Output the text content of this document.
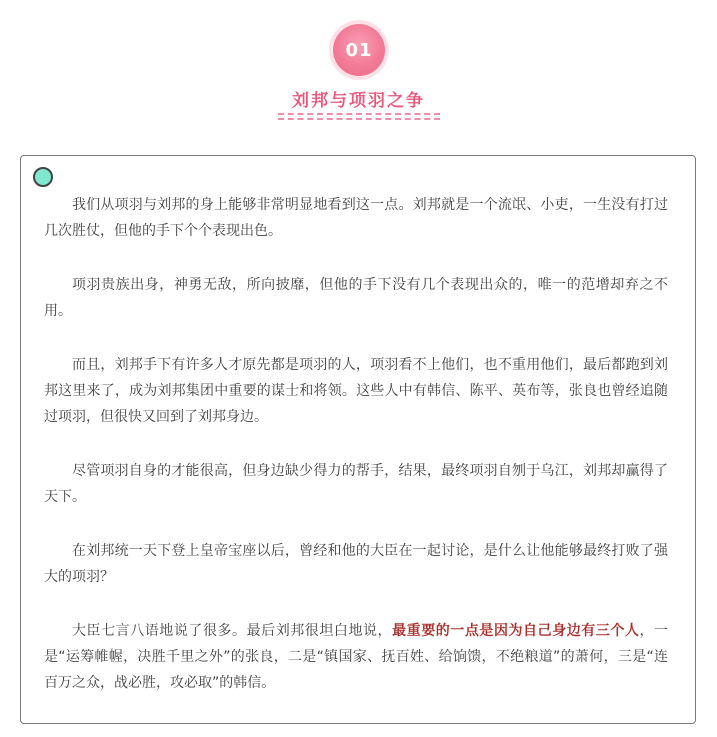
01
刘邦与项羽之争

我们从项羽与刘邦的身上能够非常明显地看到这一点。刘邦就是一个流氓、小吏，一生没有打过几次胜仗，但他的手下个个表现出色。

项羽贵族出身，神勇无敌，所向披靡，但他的手下没有几个表现出众的，唯一的范增却弃之不用。

而且，刘邦手下有许多人才原先都是项羽的人，项羽看不上他们，也不重用他们，最后都跑到刘邦这里来了，成为刘邦集团中重要的谋士和将领。这些人中有韩信、陈平、英布等，张良也曾经追随过项羽，但很快又回到了刘邦身边。

尽管项羽自身的才能很高，但身边缺少得力的帮手，结果，最终项羽自刎于乌江，刘邦却赢得了天下。

在刘邦统一天下登上皇帝宝座以后，曾经和他的大臣在一起讨论，是什么让他能够最终打败了强大的项羽？

大臣七言八语地说了很多。最后刘邦很坦白地说，最重要的一点是因为自己身边有三个人，一是“运筹帷幄，决胜千里之外”的张良，二是“镇国家、抚百姓、给饷馈，不绝粮道”的萧何，三是“连百万之众，战必胜，攻必取”的韩信。
